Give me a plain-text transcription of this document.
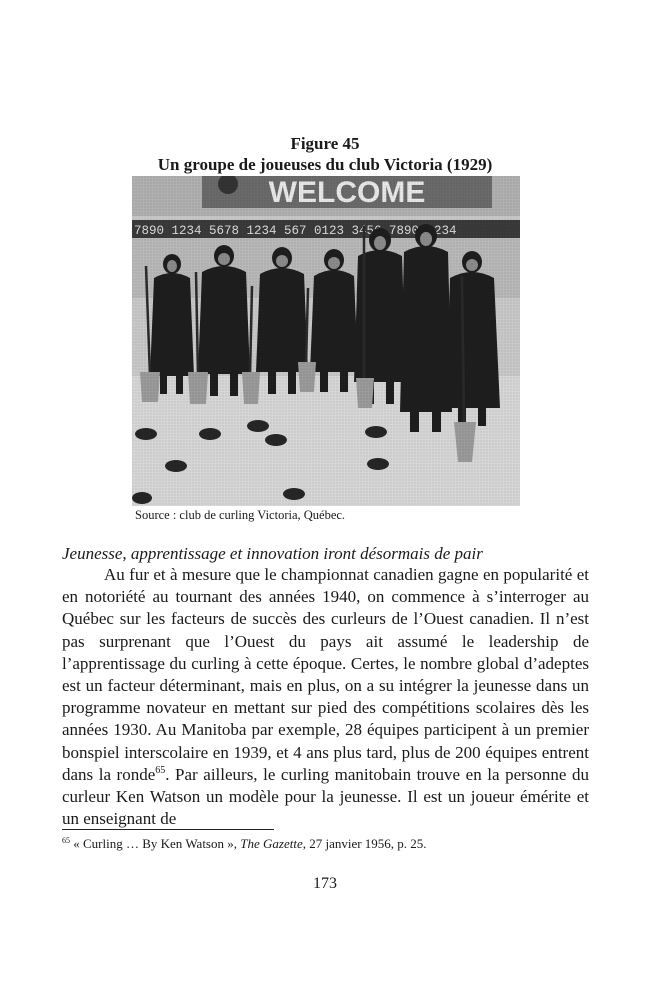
Figure 45
Un groupe de joueuses du club Victoria (1929)
Source : club de curling Victoria, Québec.
Jeunesse, apprentissage et innovation iront désormais de pair

Au fur et à mesure que le championnat canadien gagne en popularité et en notoriété au tournant des années 1940, on commence à s’interroger au Québec sur les facteurs de succès des curleurs de l’Ouest canadien. Il n’est pas surprenant que l’Ouest du pays ait assumé le leadership de l’apprentissage du curling à cette époque. Certes, le nombre global d’adeptes est un facteur déterminant, mais en plus, on a su intégrer la jeunesse dans un programme novateur en mettant sur pied des compétitions scolaires dès les années 1930. Au Manitoba par exemple, 28 équipes participent à un premier bonspiel interscolaire en 1939, et 4 ans plus tard, plus de 200 équipes entrent dans la ronde$^{65}$. Par ailleurs, le curling manitobain trouve en la personne du curleur Ken Watson un modèle pour la jeunesse. Il est un joueur émérite et un enseignant de

$^{65}$ « Curling … By Ken Watson », The Gazette, 27 janvier 1956, p. 25.
173
